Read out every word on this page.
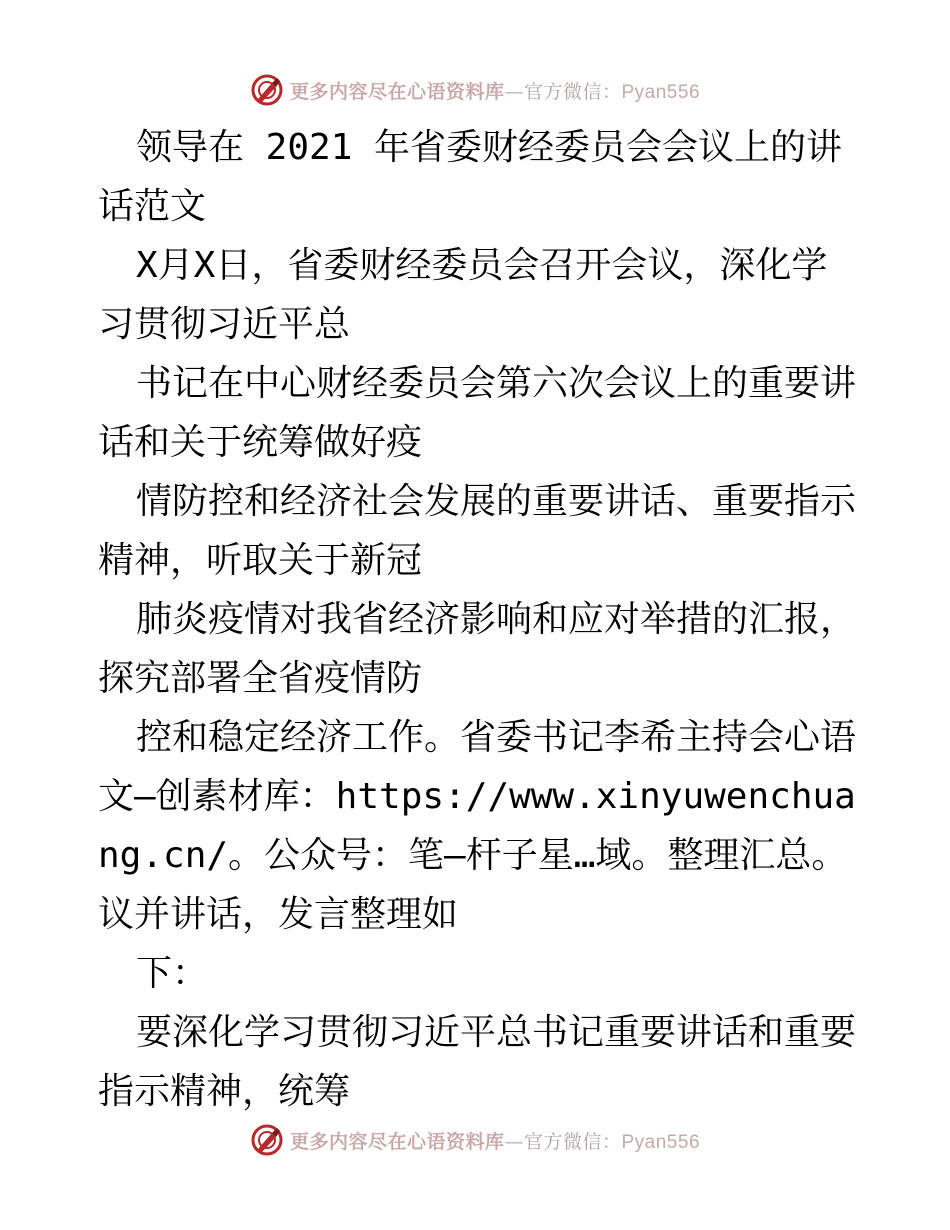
更多内容尽在心语资料库—官方微信：Pyan556

领导在 2021 年省委财经委员会会议上的讲话范文

X月X日，省委财经委员会召开会议，深化学习贯彻习近平总

书记在中心财经委员会第六次会议上的重要讲话和关于统筹做好疫

情防控和经济社会发展的重要讲话、重要指示精神，听取关于新冠

肺炎疫情对我省经济影响和应对举措的汇报，探究部署全省疫情防

控和稳定经济工作。省委书记李希主持会心语文—创素材库：https://www.xinyuwenchuang.cn/。公众号：笔—杆子星…域。整理汇总。议并讲话，发言整理如

下：

要深化学习贯彻习近平总书记重要讲话和重要指示精神，统筹

更多内容尽在心语资料库—官方微信：Pyan556
